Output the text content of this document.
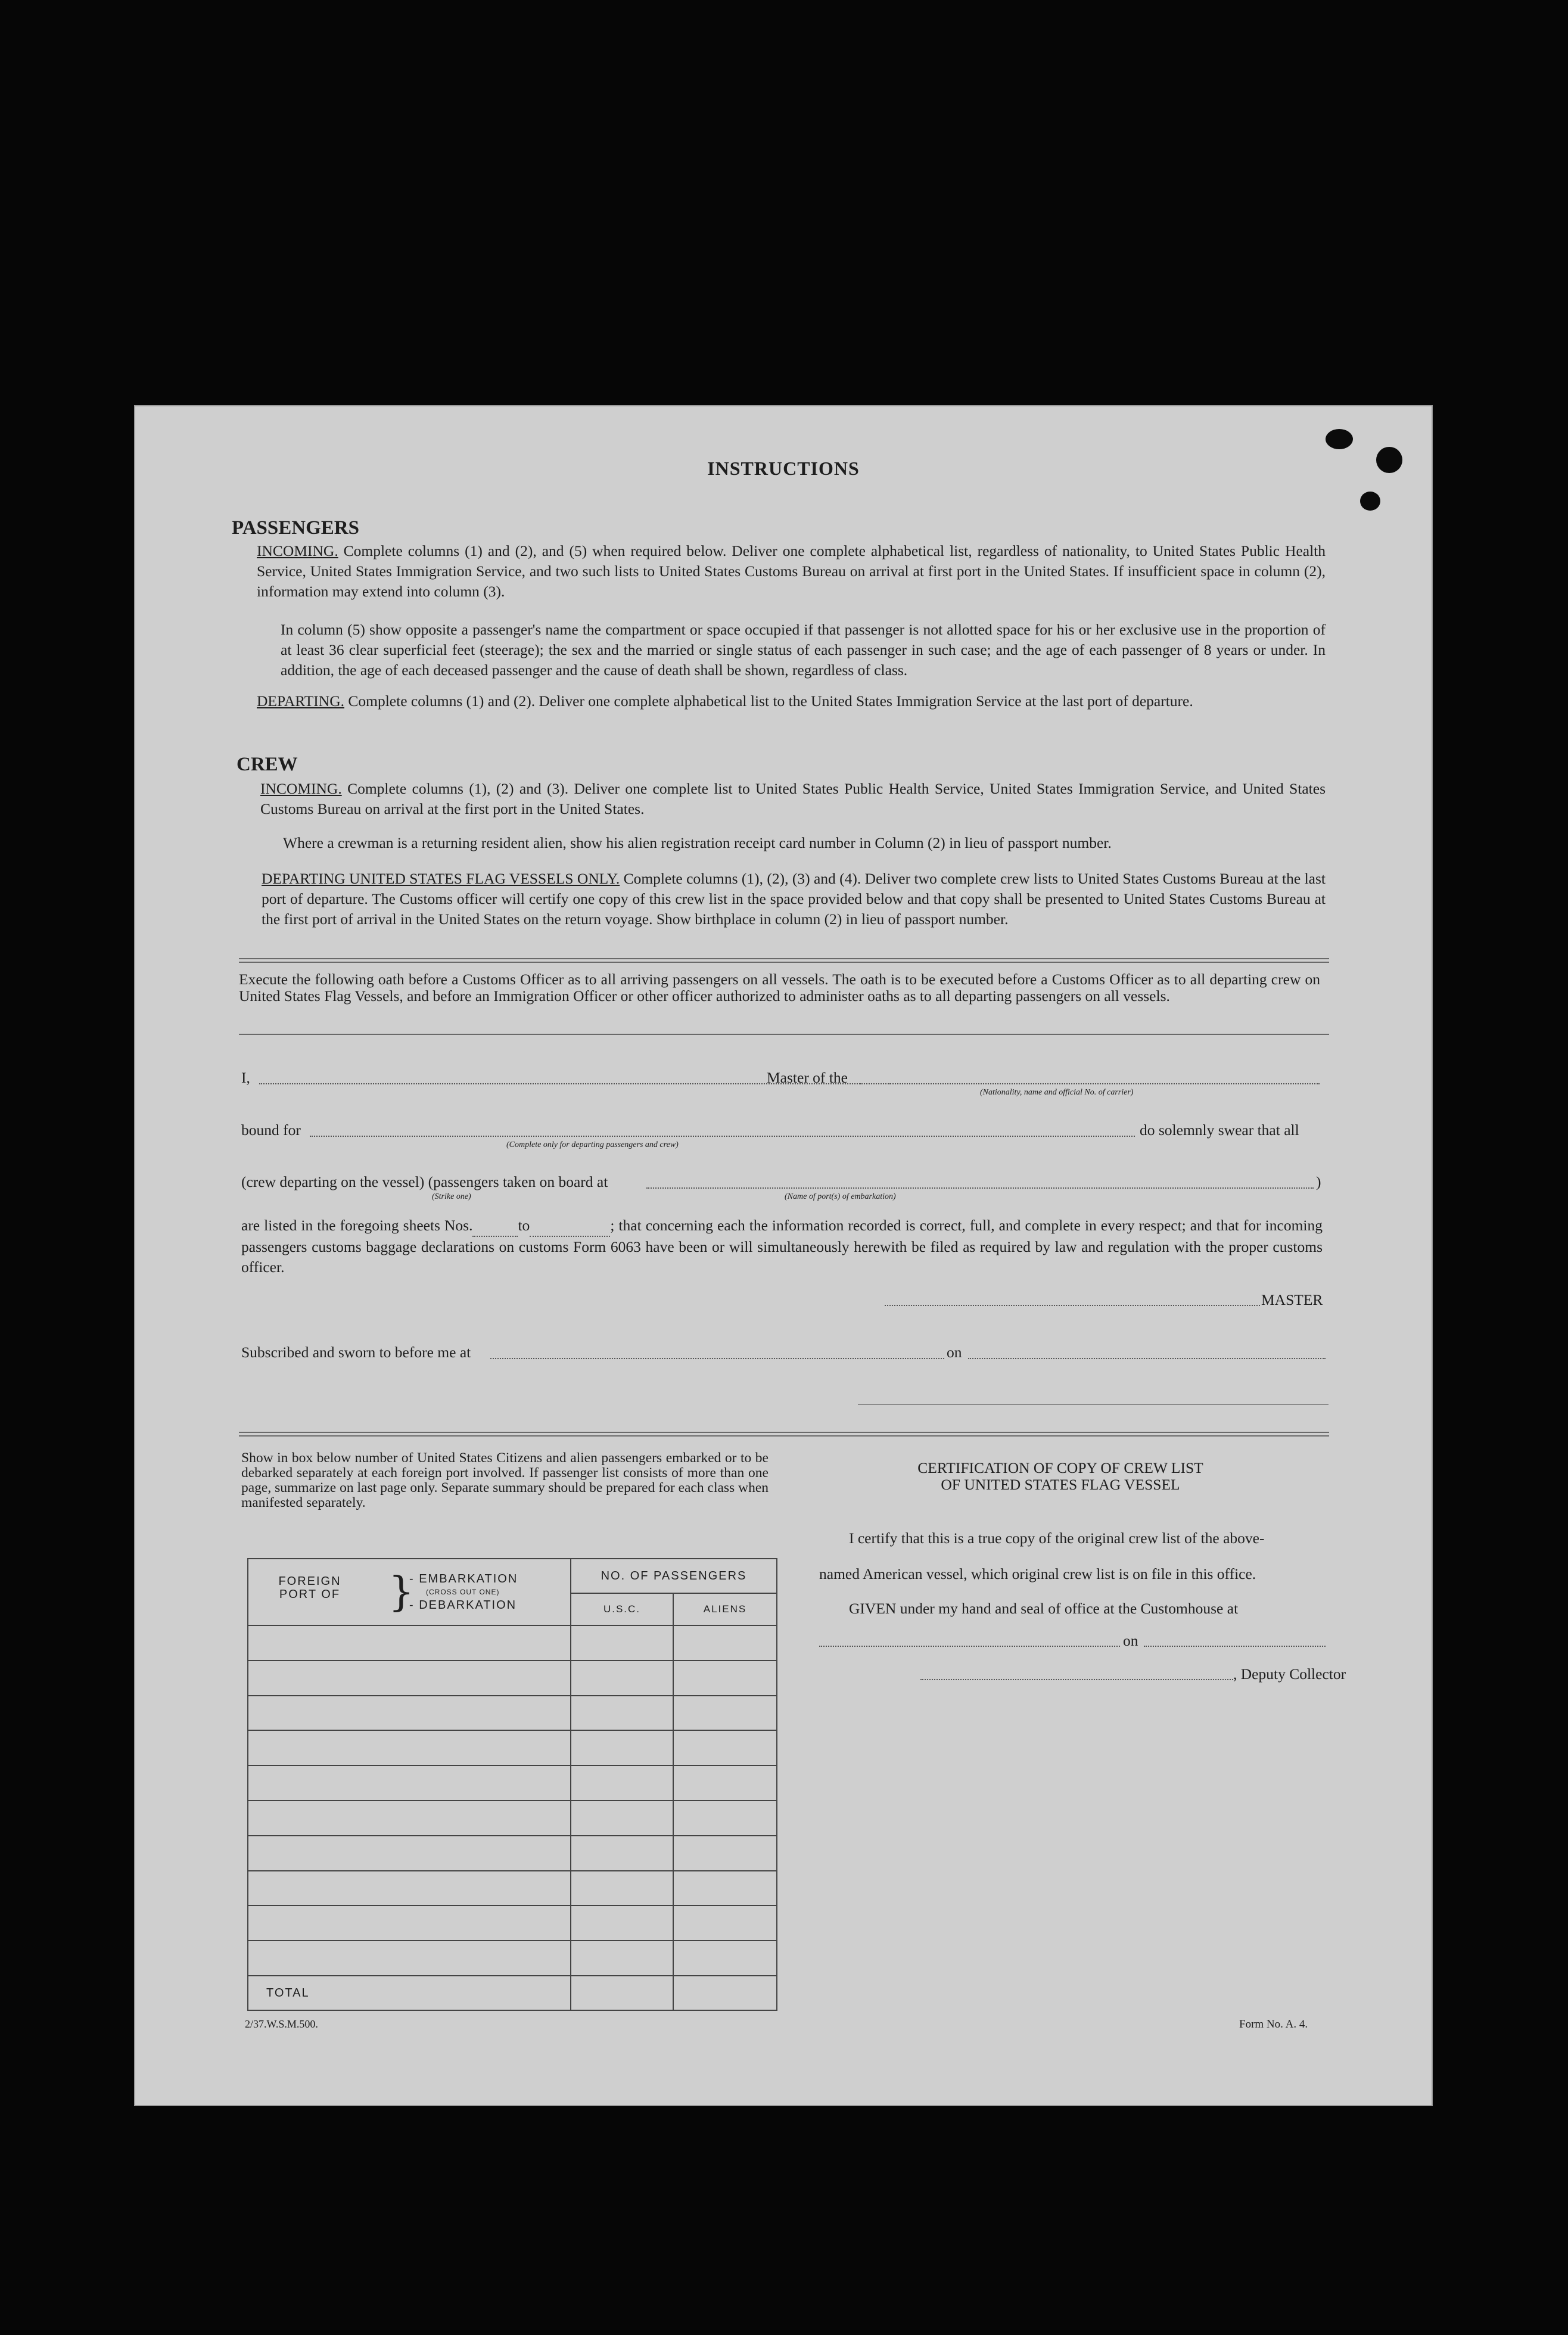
INSTRUCTIONS
PASSENGERS
INCOMING. Complete columns (1) and (2), and (5) when required below. Deliver one complete alphabetical list, regardless of nationality, to United States Public Health Service, United States Immigration Service, and two such lists to United States Customs Bureau on arrival at first port in the United States. If insufficient space in column (2), information may extend into column (3).
In column (5) show opposite a passenger's name the compartment or space occupied if that passenger is not allotted space for his or her exclusive use in the proportion of at least 36 clear superficial feet (steerage); the sex and the married or single status of each passenger in such case; and the age of each passenger of 8 years or under. In addition, the age of each deceased passenger and the cause of death shall be shown, regardless of class.
DEPARTING. Complete columns (1) and (2). Deliver one complete alphabetical list to the United States Immigration Service at the last port of departure.
CREW
INCOMING. Complete columns (1), (2) and (3). Deliver one complete list to United States Public Health Service, United States Immigration Service, and United States Customs Bureau on arrival at the first port in the United States.
Where a crewman is a returning resident alien, show his alien registration receipt card number in Column (2) in lieu of passport number.
DEPARTING UNITED STATES FLAG VESSELS ONLY. Complete columns (1), (2), (3) and (4). Deliver two complete crew lists to United States Customs Bureau at the last port of departure. The Customs officer will certify one copy of this crew list in the space provided below and that copy shall be presented to United States Customs Bureau at the first port of arrival in the United States on the return voyage. Show birthplace in column (2) in lieu of passport number.
Execute the following oath before a Customs Officer as to all arriving passengers on all vessels. The oath is to be executed before a Customs Officer as to all departing crew on United States Flag Vessels, and before an Immigration Officer or other officer authorized to administer oaths as to all departing passengers on all vessels.
I,	Master of the
(Nationality, name and official No. of carrier)
bound for
(Complete only for departing passengers and crew)
do solemnly swear that all
(crew departing on the vessel) (passengers taken on board at
(Strike one)	(Name of port(s) of embarkation)
)
are listed in the foregoing sheets Nos.	to	; that concerning each the information recorded is correct, full, and complete in every respect; and that for incoming passengers customs baggage declarations on customs Form 6063 have been or will simultaneously herewith be filed as required by law and regulation with the proper customs officer.
MASTER
Subscribed and sworn to before me at	on
Show in box below number of United States Citizens and alien passengers embarked or to be debarked separately at each foreign port involved. If passenger list consists of more than one page, summarize on last page only. Separate summary should be prepared for each class when manifested separately.
FOREIGN PORT OF }
- EMBARKATION
(CROSS OUT ONE)
- DEBARKATION	NO. OF PASSENGERS	
	U.S.C.	ALIENS

TOTAL		
CERTIFICATION OF COPY OF CREW LIST
OF UNITED STATES FLAG VESSEL
I certify that this is a true copy of the original crew list of the above-
named American vessel, which original crew list is on file in this office.
GIVEN under my hand and seal of office at the Customhouse at
on
, Deputy Collector
2/37.W.S.M.500.	Form No. A. 4.
